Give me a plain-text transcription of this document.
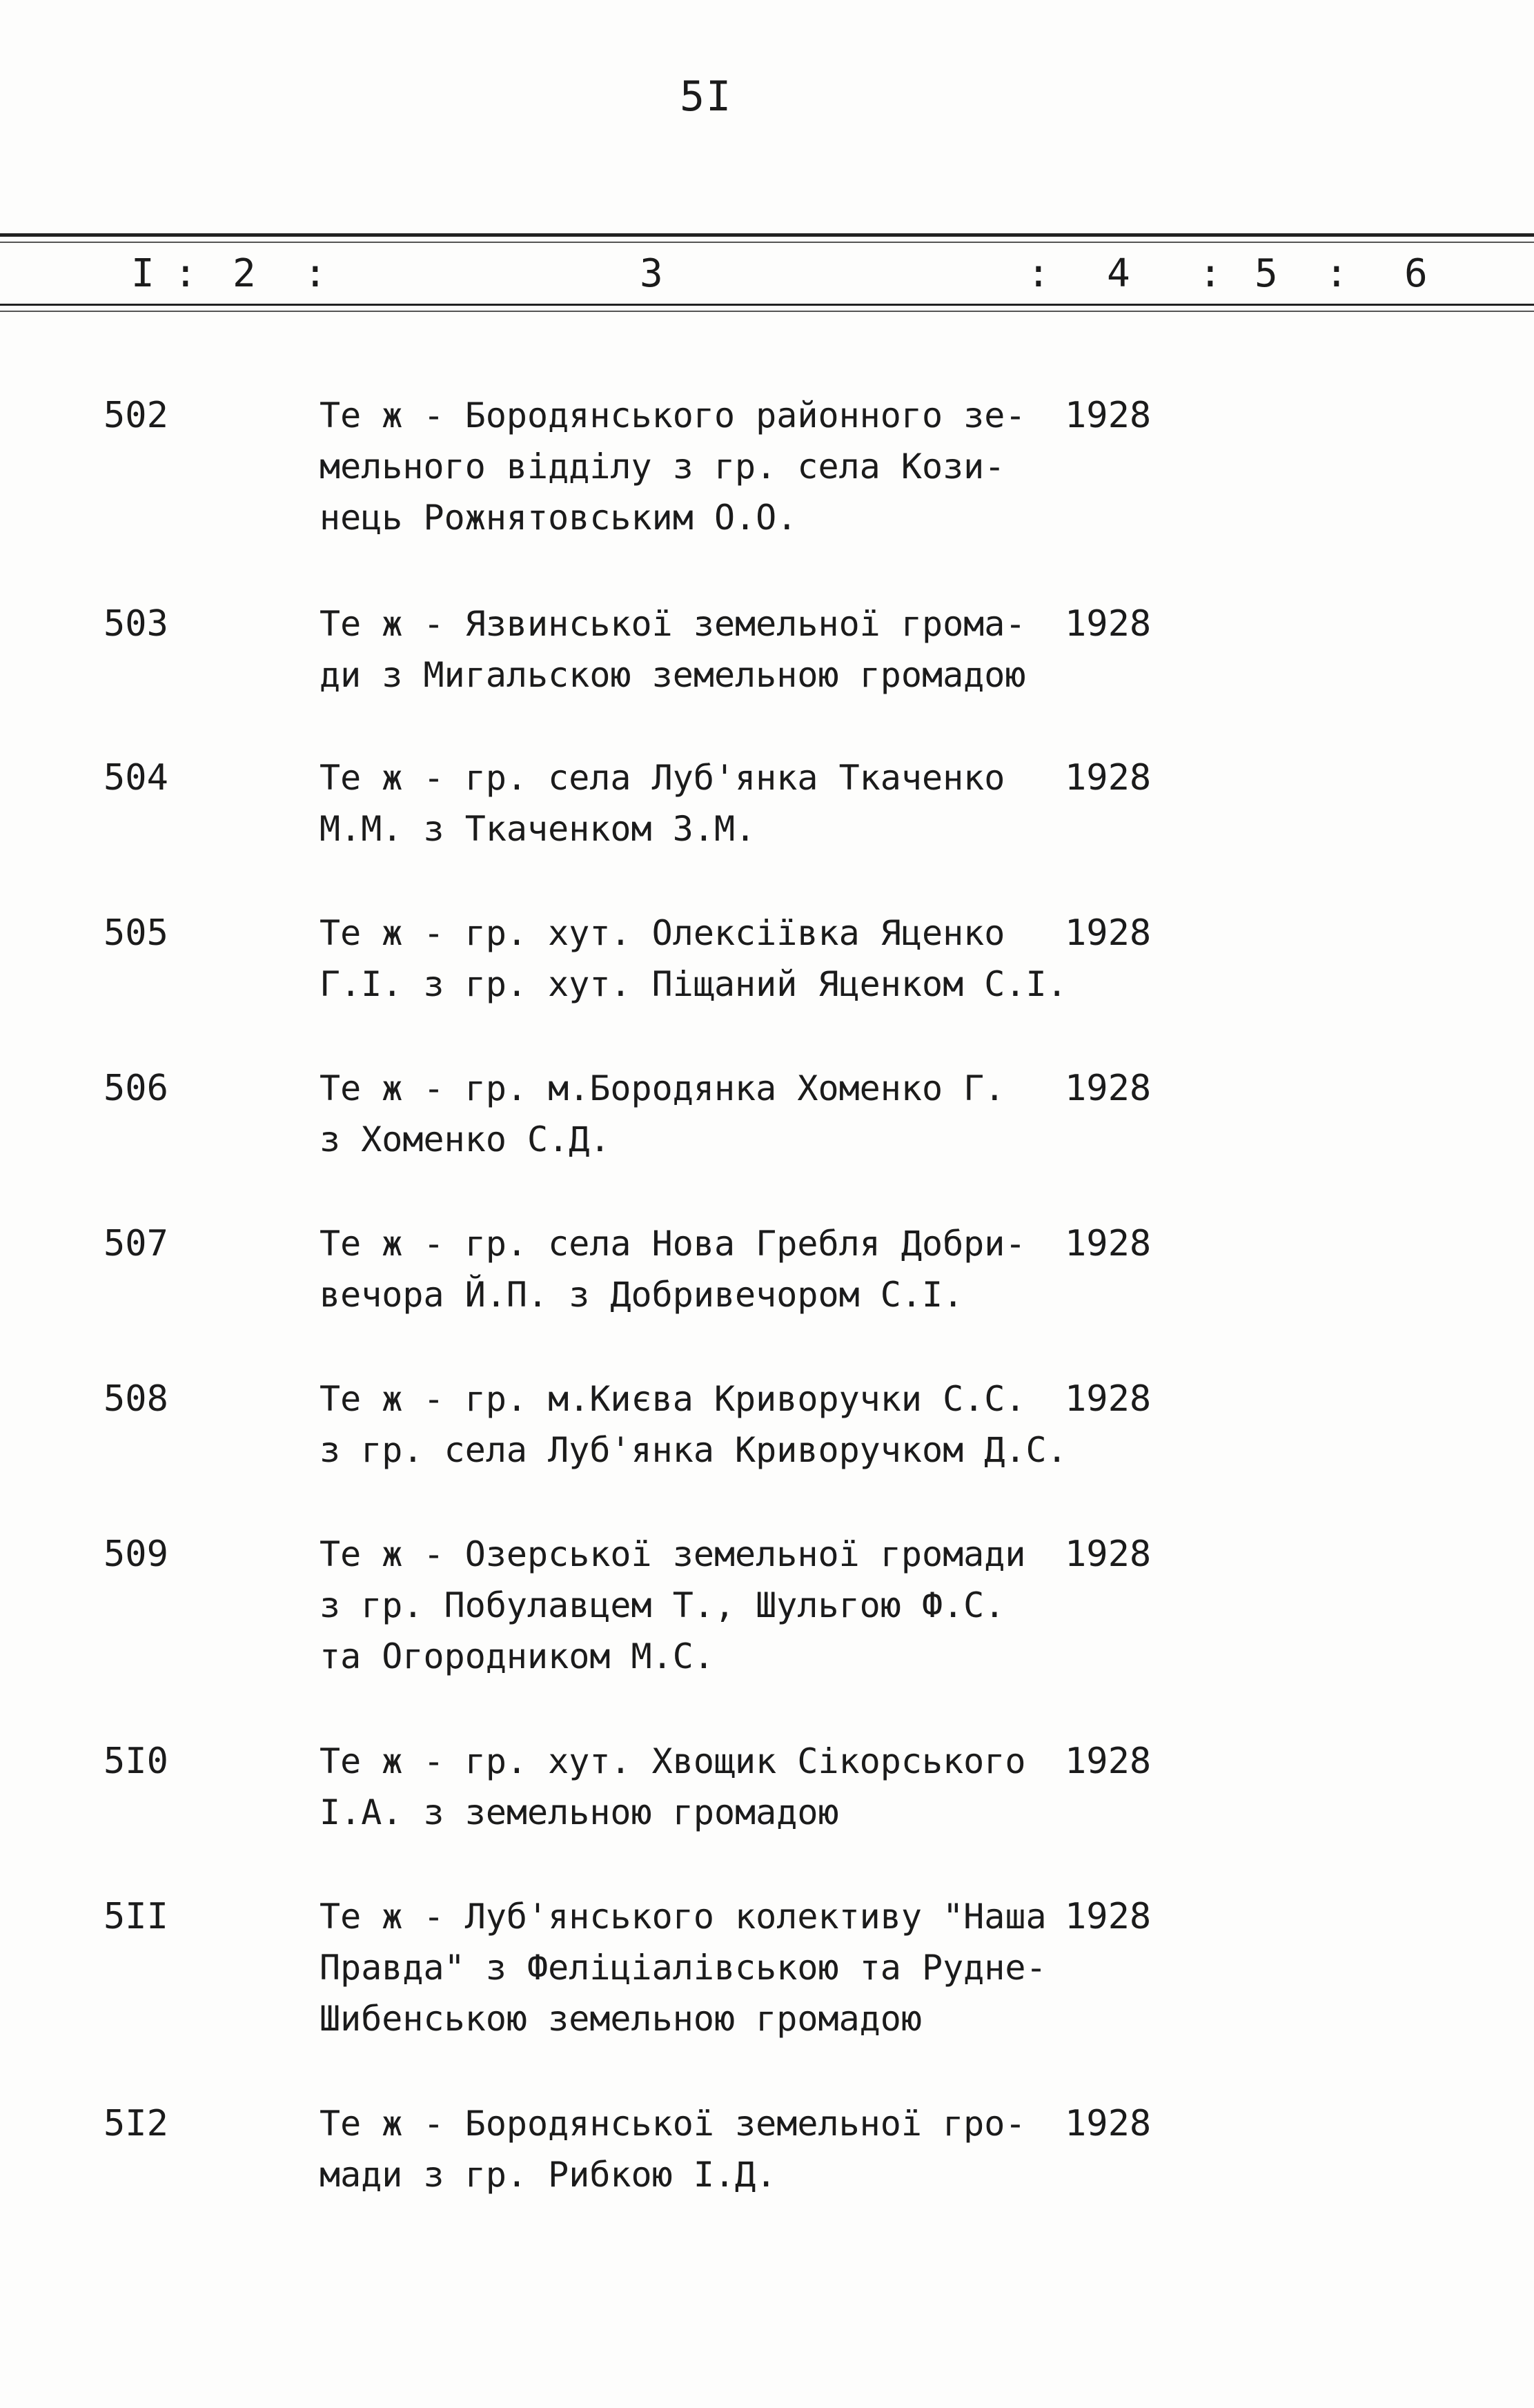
5I
I : 2 :	3	: 4 : 5 : 6
502	Те ж - Бородянського районного зе-
мельного відділу з гр. села Кози-
нець Рожнятовським О.О.
1928
503	Те ж - Язвинської земельної грома-
ди з Мигальскою земельною громадою
1928
504	Те ж - гр. села Луб'янка Ткаченко
М.М. з Ткаченком З.М.
1928
505	Те ж - гр. хут. Олексіївка Яценко
Г.І. з гр. хут. Піщаний Яценком С.І.
1928
506	Те ж - гр. м.Бородянка Хоменко Г.
з Хоменко С.Д.
1928
507	Те ж - гр. села Нова Гребля Добри-
вечора Й.П. з Добривечором С.І.
1928
508	Те ж - гр. м.Києва Криворучки С.С.
з гр. села Луб'янка Криворучком Д.С.
1928
509	Те ж - Озерської земельної громади
з гр. Побулавцем Т., Шульгою Ф.С.
та Огородником М.С.
1928
5I0	Те ж - гр. хут. Хвощик Сікорського
І.А. з земельною громадою
1928
5II	Те ж - Луб'янського колективу "Наша
Правда" з Феліціалівською та Рудне-
Шибенською земельною громадою
1928
5I2	Те ж - Бородянської земельної гро-
мади з гр. Рибкою І.Д.
1928
